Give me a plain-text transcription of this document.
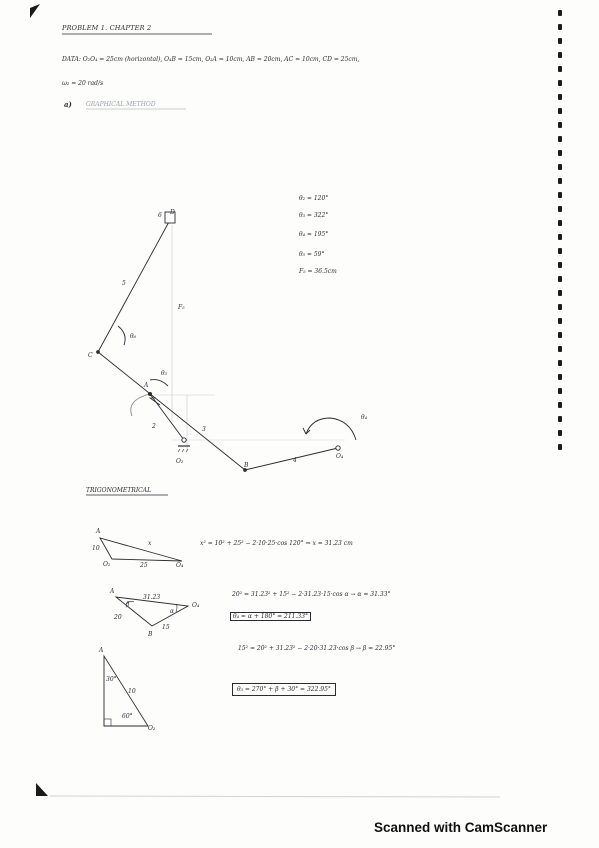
PROBLEM 1. CHAPTER 2
DATA: O₂O₄ = 25cm (horizontal), O₄B = 15cm, O₂A = 10cm, AB = 20cm, AC = 10cm, CD = 25cm,
ω₂ = 20 rad/s
a) GRAPHICAL METHOD
D
6
5
F₅
θ₆
C
θ₃
A
2	3
O₂
B
4
O₄
θ₄
θ₂ = 120°
θ₃ = 322°
θ₄ = 195°
θ₅ = 59°
F₅ = 36.5cm
TRIGONOMETRICAL
A
10
x
O₂	25	O₄
x² = 10² + 25² − 2·10·25·cos 120° ⇒ x = 31.23 cm
A
β
31.23
α
O₄
20
15
B
20² = 31.23² + 15² − 2·31.23·15·cos α → α = 31.33°
θ₄ = α + 180° = 211.33°
15² = 20² + 31.23² − 2·20·31.23·cos β → β = 22.95°
A
30°
10
60°
O₂
θ₃ = 270° + β + 30° = 322.95°
Scanned with CamScanner
